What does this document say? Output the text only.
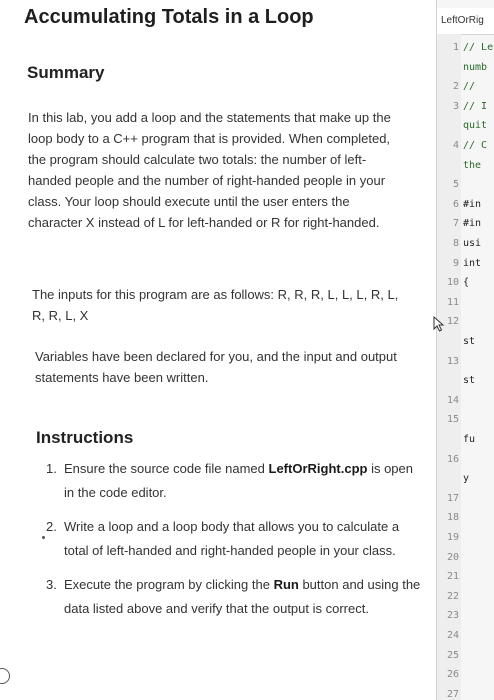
Accumulating Totals in a Loop
Summary

In this lab, you add a loop and the statements that make up the loop body to a C++ program that is provided. When completed, the program should calculate two totals: the number of left-handed people and the number of right-handed people in your class. Your loop should execute until the user enters the character X instead of L for left-handed or R for right-handed.

The inputs for this program are as follows: R, R, R, L, L, L, R, L, R, R, L, X

Variables have been declared for you, and the input and output statements have been written.

Instructions
1. Ensure the source code file named LeftOrRight.cpp is open in the code editor.
2. Write a loop and a loop body that allows you to calculate a total of left-handed and right-handed people in your class.
3. Execute the program by clicking the Run button and using the data listed above and verify that the output is correct.
LeftOrRig
1 // Le
numb
2 //
3 // I
quit
4 // C
the
5
6 #in
7 #in
8 usi
9 int
10 {
11
12
st
13
st
14
15
fu
16
y
17
18
19
20
21
22
23
24
25
26
27
